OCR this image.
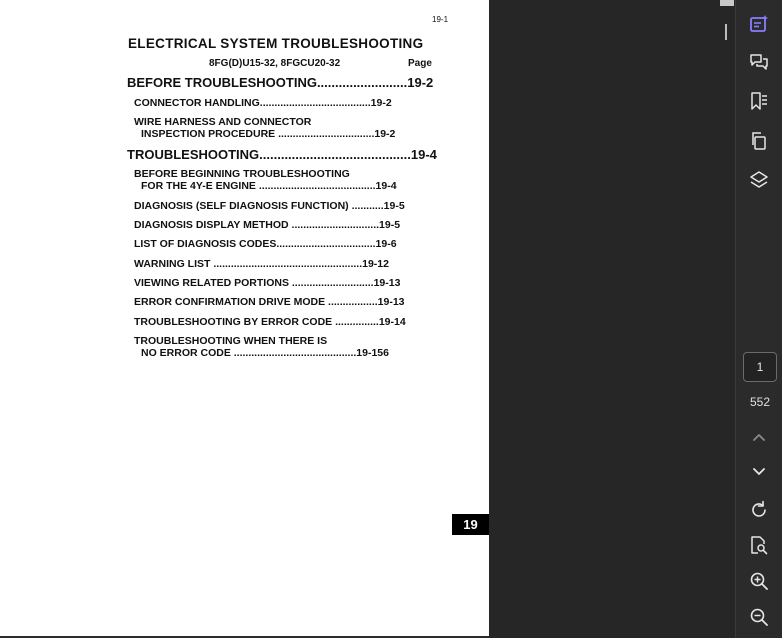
19-1
ELECTRICAL SYSTEM TROUBLESHOOTING
8FG(D)U15-32, 8FGCU20-32	Page
BEFORE TROUBLESHOOTING.........................19-2
CONNECTOR HANDLING......................................19-2
WIRE HARNESS AND CONNECTOR
INSPECTION PROCEDURE .................................19-2
TROUBLESHOOTING..........................................19-4
BEFORE BEGINNING TROUBLESHOOTING
FOR THE 4Y-E ENGINE ........................................19-4
DIAGNOSIS (SELF DIAGNOSIS FUNCTION) ...........19-5
DIAGNOSIS DISPLAY METHOD ..............................19-5
LIST OF DIAGNOSIS CODES..................................19-6
WARNING LIST ...................................................19-12
VIEWING RELATED PORTIONS ............................19-13
ERROR CONFIRMATION DRIVE MODE .................19-13
TROUBLESHOOTING BY ERROR CODE ...............19-14
TROUBLESHOOTING WHEN THERE IS
NO ERROR CODE ..........................................19-156
19
1
552
